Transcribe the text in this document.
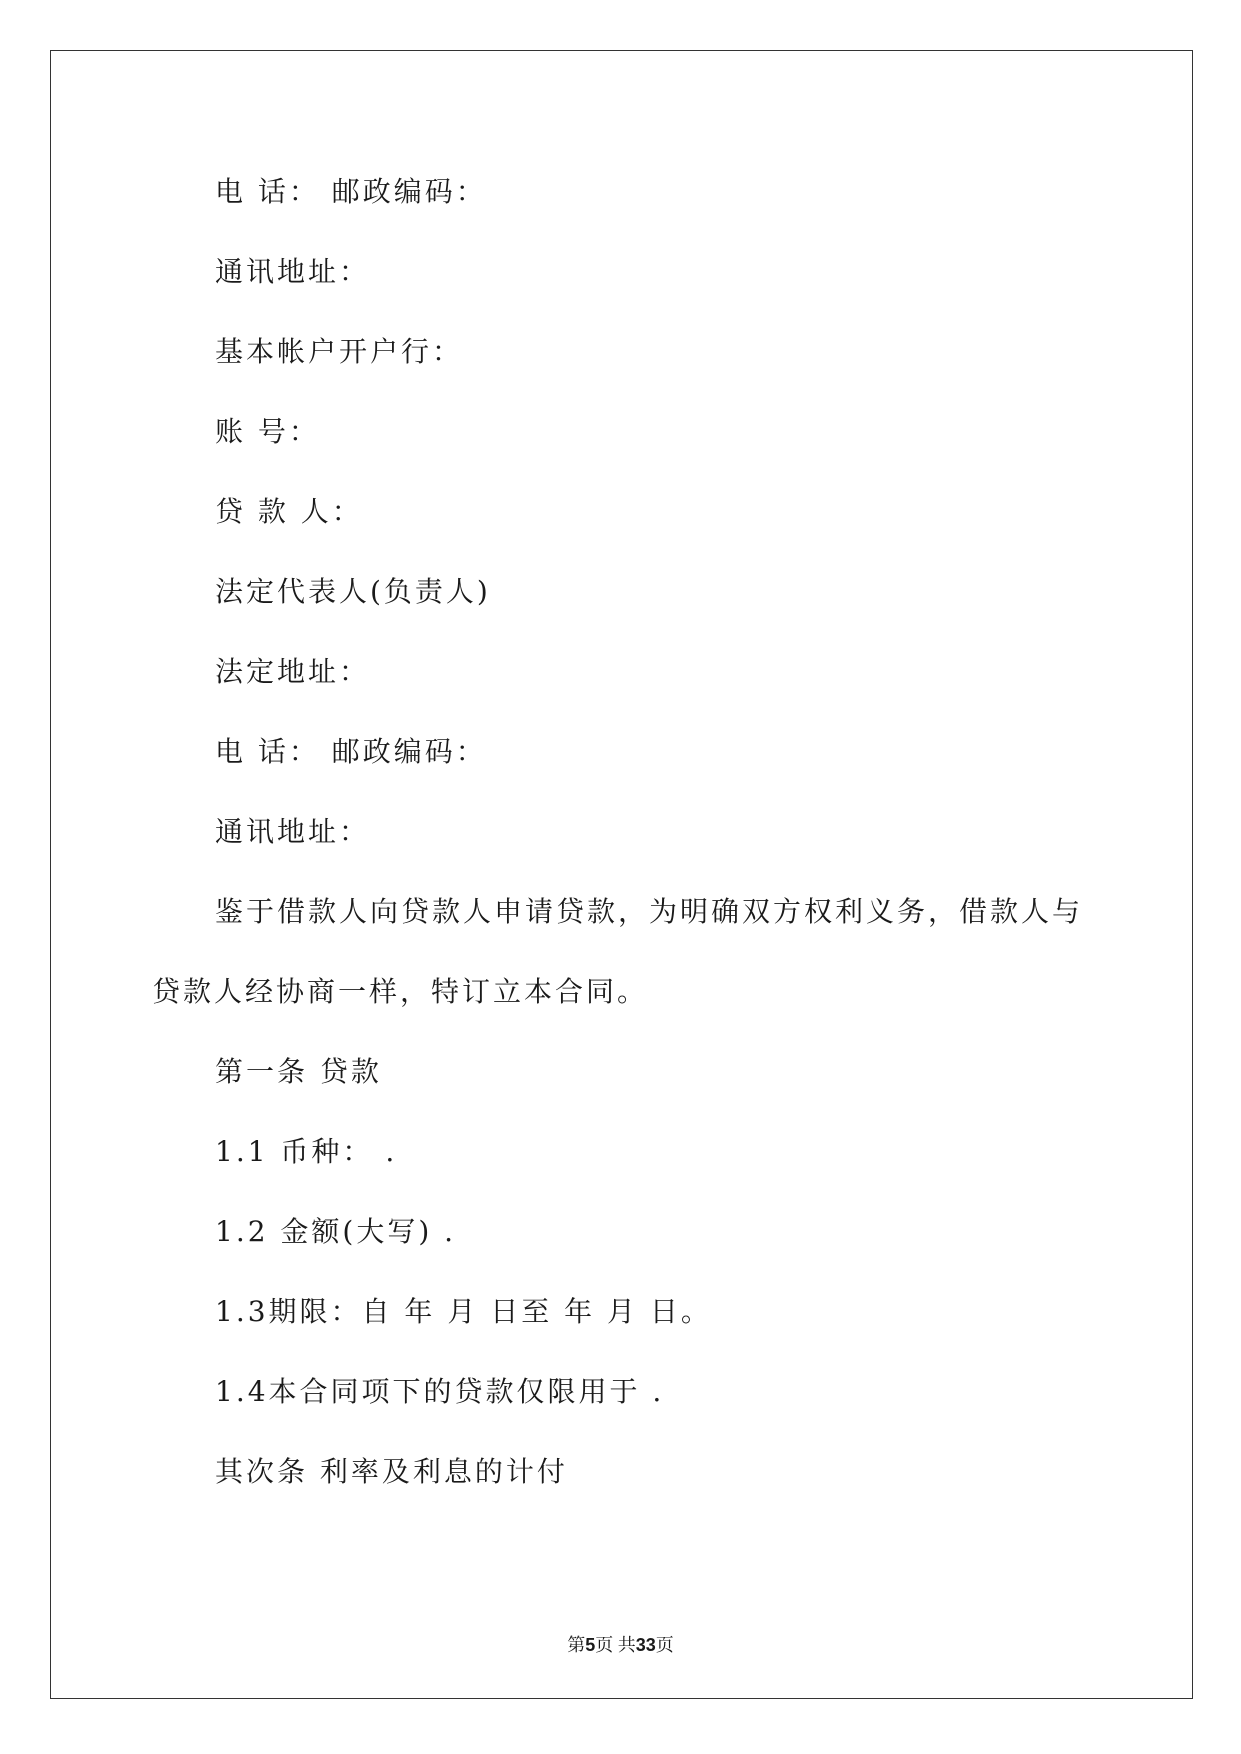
电 话： 邮政编码：

通讯地址：

基本帐户开户行：

账 号：

贷 款 人：

法定代表人(负责人)

法定地址：

电 话： 邮政编码：

通讯地址：

鉴于借款人向贷款人申请贷款，为明确双方权利义务，借款人与

贷款人经协商一样，特订立本合同。

第一条 贷款

1.1 币种： .

1.2 金额(大写) .

1.3期限：自 年 月 日至 年 月 日。

1.4本合同项下的贷款仅限用于 .

其次条 利率及利息的计付

第5页 共33页
